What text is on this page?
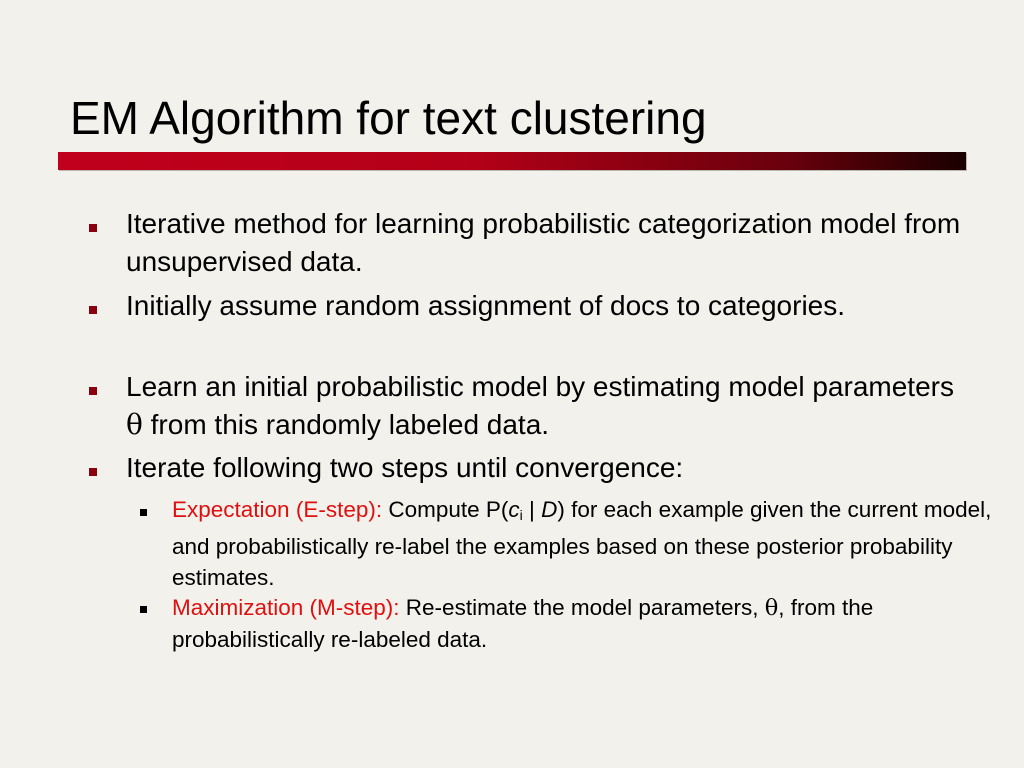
EM Algorithm for text clustering
Iterative method for learning probabilistic categorization model from unsupervised data.
Initially assume random assignment of docs to categories.
Learn an initial probabilistic model by estimating model parameters θ from this randomly labeled data.
Iterate following two steps until convergence:
Expectation (E-step): Compute $P(c_i$ | D) for each example given the current model, and probabilistically re-label the examples based on these posterior probability estimates.
Maximization (M-step): Re-estimate the model parameters, θ, from the probabilistically re-labeled data.
